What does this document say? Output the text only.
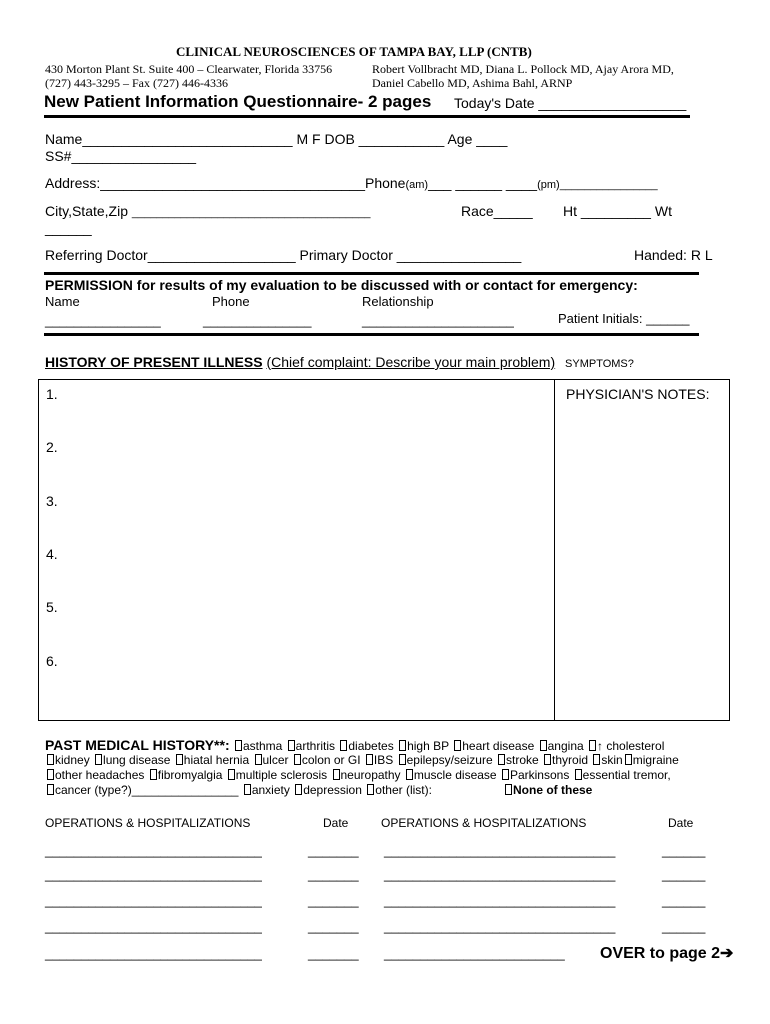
CLINICAL NEUROSCIENCES OF TAMPA BAY, LLP (CNTB)
430 Morton Plant St. Suite 400 – Clearwater, Florida 33756
(727) 443-3295 – Fax (727) 446-4336
Robert Vollbracht MD, Diana L. Pollock MD, Ajay Arora MD,
Daniel Cabello MD, Ashima Bahl, ARNP
New Patient Information Questionnaire- 2 pages Today's Date ___________________
Name___________________________ M F DOB ___________ Age ____
SS#________________
Address:__________________________________Phone(am)___ ______ ____(pm)________________
City,State,Zip _______________________________________	Race_____ Ht _________ Wt
______
Referring Doctor___________________ Primary Doctor ________________	Handed: R L
PERMISSION for results of my evaluation to be discussed with or contact for emergency:
Name	Phone	Relationship
________________	_______________	_____________________	Patient Initials: ______
HISTORY OF PRESENT ILLNESS (Chief complaint: Describe your main problem) SYMPTOMS?
1.
2.
3.
4.
5.
6.
PHYSICIAN'S NOTES:
PAST MEDICAL HISTORY**: asthma arthritis diabetes high BP heart disease angina ↑ cholesterol
kidney lung disease hiatal hernia ulcer colon or GI IBS epilepsy/seizure stroke thyroid skin migraine
other headaches fibromyalgia multiple sclerosis neuropathy muscle disease Parkinsons essential tremor,
cancer (type?)________________ anxiety depression other (list):	None of these
OPERATIONS & HOSPITALIZATIONS	Date	OPERATIONS & HOSPITALIZATIONS	Date
______________________________	_______ ________________________________	______
______________________________	_______ ________________________________	______
______________________________	_______ ________________________________	______
______________________________	_______ ________________________________	______
______________________________	_______ _________________________ OVER to page 2➔
